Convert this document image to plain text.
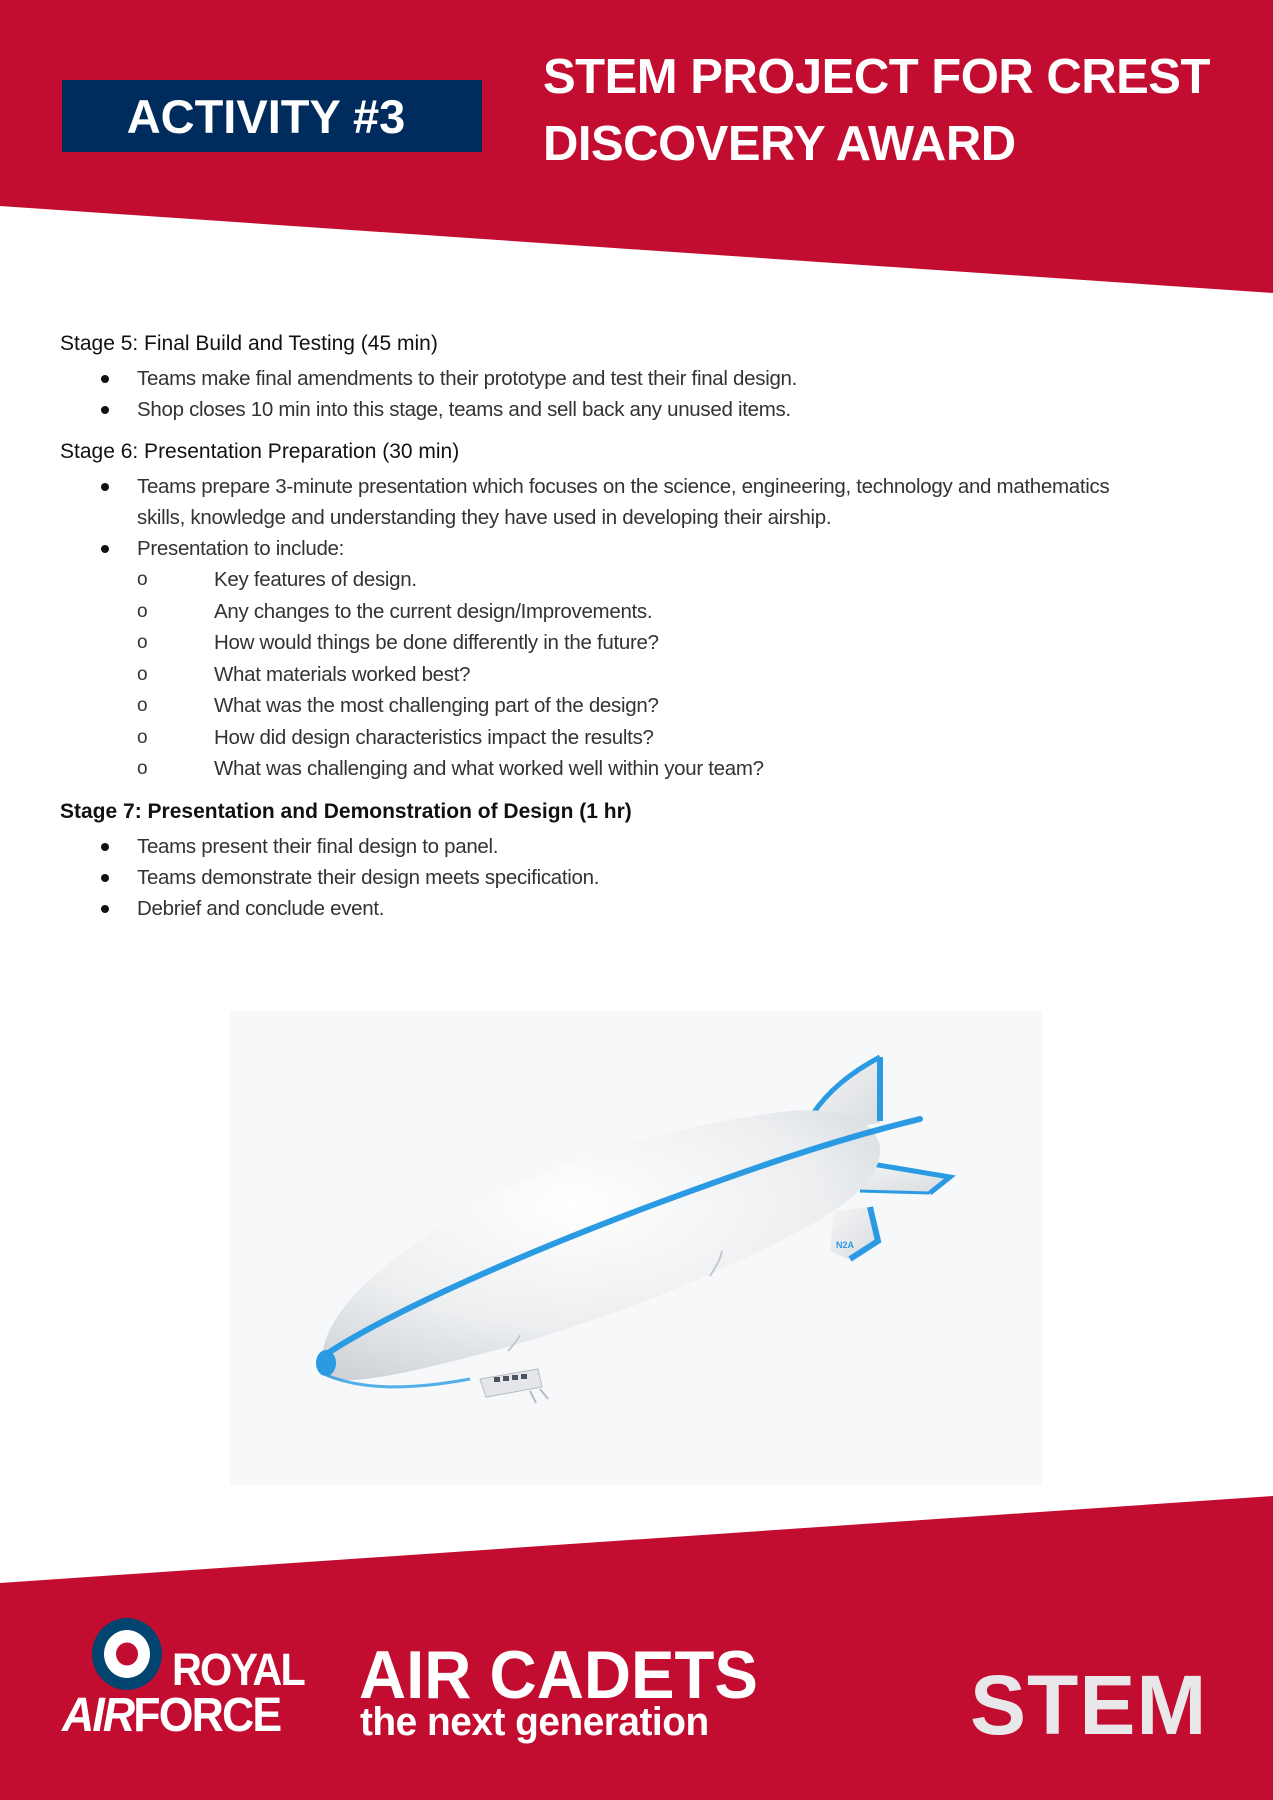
ACTIVITY #3
STEM PROJECT FOR CREST
DISCOVERY AWARD
Stage 5: Final Build and Testing (45 min)
Teams make final amendments to their prototype and test their final design.
Shop closes 10 min into this stage, teams and sell back any unused items.
Stage 6: Presentation Preparation (30 min)
Teams prepare 3-minute presentation which focuses on the science, engineering, technology and mathematics skills, knowledge and understanding they have used in developing their airship.
Presentation to include:
o	Key features of design.
o	Any changes to the current design/Improvements.
o	How would things be done differently in the future?
o	What materials worked best?
o	What was the most challenging part of the design?
o	How did design characteristics impact the results?
o	What was challenging and what worked well within your team?
Stage 7: Presentation and Demonstration of Design (1 hr)
Teams present their final design to panel.
Teams demonstrate their design meets specification.
Debrief and conclude event.
N2A
ROYAL
AIRFORCE
AIR CADETS
the next generation	STEM
